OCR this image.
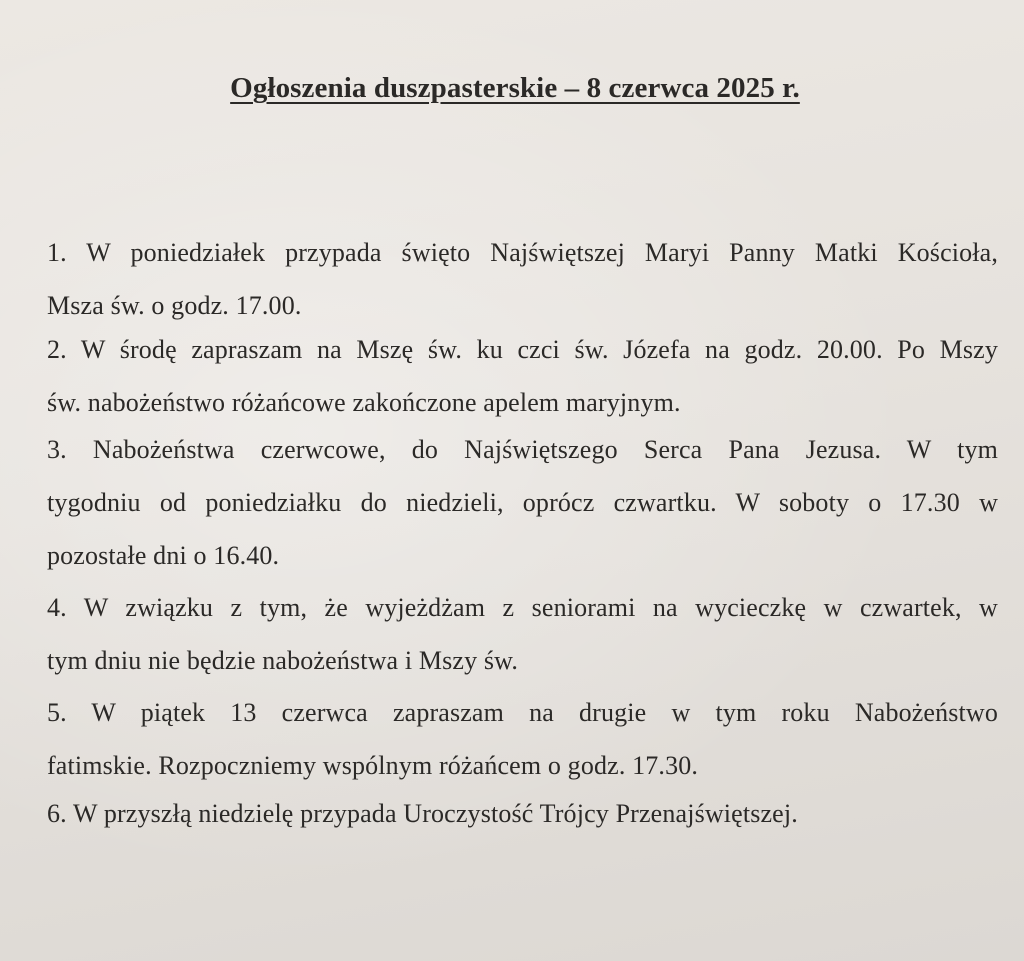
Ogłoszenia duszpasterskie – 8 czerwca 2025 r.

1. W poniedziałek przypada święto Najświętszej Maryi Panny Matki Kościoła,
Msza św. o godz. 17.00.

2. W środę zapraszam na Mszę św. ku czci św. Józefa na godz. 20.00. Po Mszy
św. nabożeństwo różańcowe zakończone apelem maryjnym.

3. Nabożeństwa czerwcowe, do Najświętszego Serca Pana Jezusa. W tym
tygodniu od poniedziałku do niedzieli, oprócz czwartku. W soboty o 17.30 w
pozostałe dni o 16.40.

4. W związku z tym, że wyjeżdżam z seniorami na wycieczkę w czwartek, w
tym dniu nie będzie nabożeństwa i Mszy św.

5. W piątek 13 czerwca zapraszam na drugie w tym roku Nabożeństwo
fatimskie. Rozpoczniemy wspólnym różańcem o godz. 17.30.

6. W przyszłą niedzielę przypada Uroczystość Trójcy Przenajświętszej.
